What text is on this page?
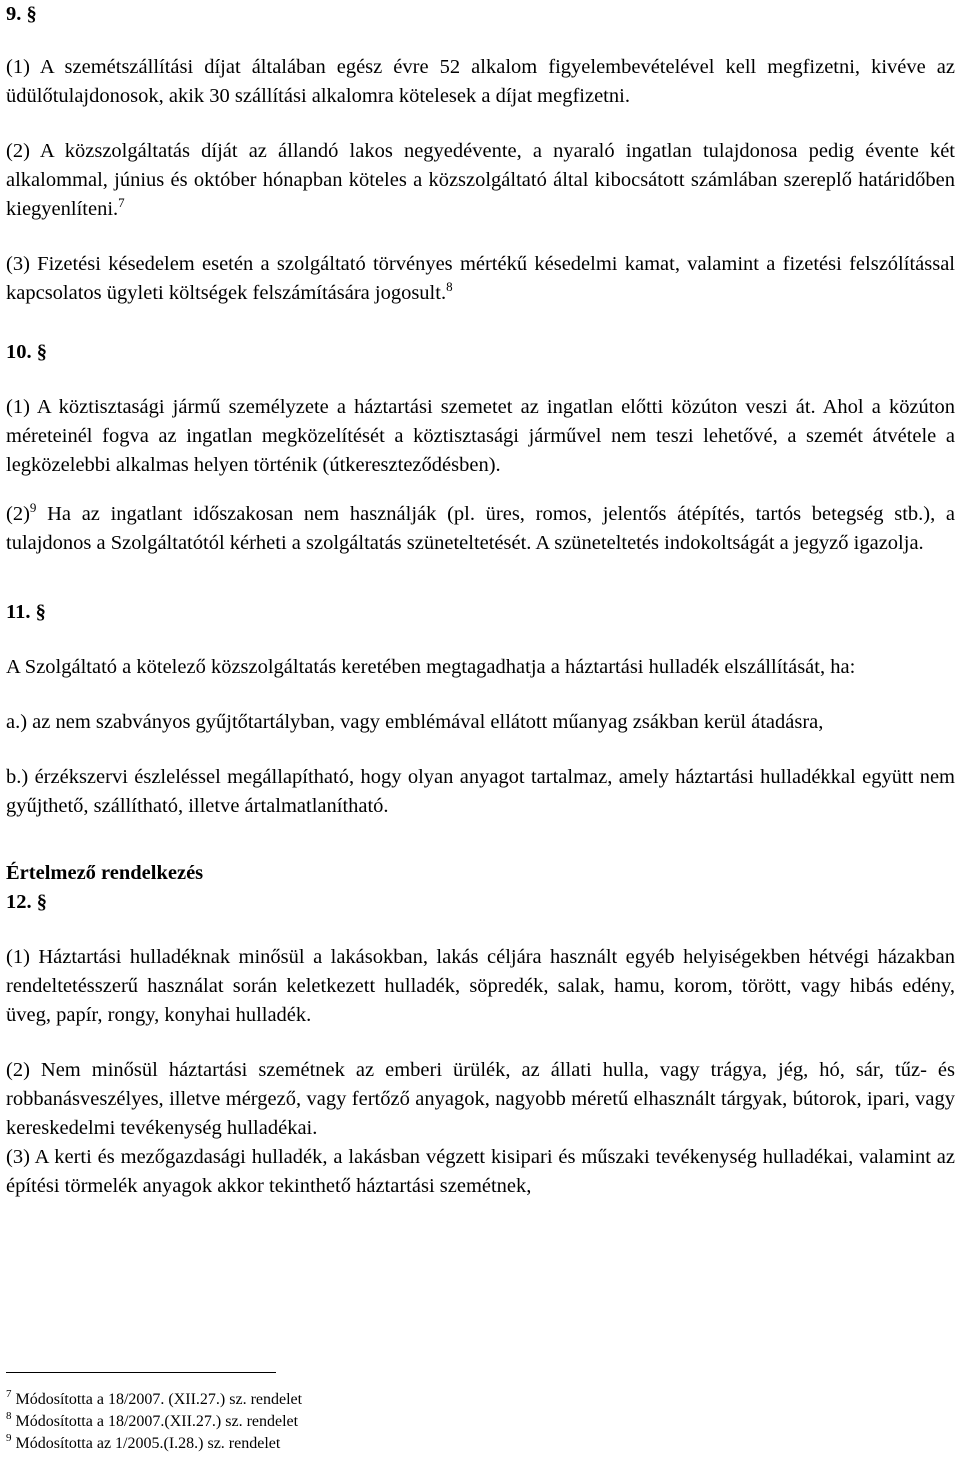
9. §

(1) A szemétszállítási díjat általában egész évre 52 alkalom figyelembevételével kell megfizetni, kivéve az üdülőtulajdonosok, akik 30 szállítási alkalomra kötelesek a díjat megfizetni.

(2) A közszolgáltatás díját az állandó lakos negyedévente, a nyaraló ingatlan tulajdonosa pedig évente két alkalommal, június és október hónapban köteles a közszolgáltató által kibocsátott számlában szereplő határidőben kiegyenlíteni.$^7$

(3) Fizetési késedelem esetén a szolgáltató törvényes mértékű késedelmi kamat, valamint a fizetési felszólítással kapcsolatos ügyleti költségek felszámítására jogosult.$^8$

10. §

(1) A köztisztasági jármű személyzete a háztartási szemetet az ingatlan előtti közúton veszi át. Ahol a közúton méreteinél fogva az ingatlan megközelítését a köztisztasági járművel nem teszi lehetővé, a szemét átvétele a legközelebbi alkalmas helyen történik (útkereszteződésben).

$(2)^9$ Ha az ingatlant időszakosan nem használják (pl. üres, romos, jelentős átépítés, tartós betegség stb.), a tulajdonos a Szolgáltatótól kérheti a szolgáltatás szüneteltetését. A szüneteltetés indokoltságát a jegyző igazolja.

11. §

A Szolgáltató a kötelező közszolgáltatás keretében megtagadhatja a háztartási hulladék elszállítását, ha:

a.) az nem szabványos gyűjtőtartályban, vagy emblémával ellátott műanyag zsákban kerül átadásra,

b.) érzékszervi észleléssel megállapítható, hogy olyan anyagot tartalmaz, amely háztartási hulladékkal együtt nem gyűjthető, szállítható, illetve ártalmatlanítható.

Értelmező rendelkezés

12. §

(1) Háztartási hulladéknak minősül a lakásokban, lakás céljára használt egyéb helyiségekben hétvégi házakban rendeltetésszerű használat során keletkezett hulladék, söpredék, salak, hamu, korom, törött, vagy hibás edény, üveg, papír, rongy, konyhai hulladék.

(2) Nem minősül háztartási szemétnek az emberi ürülék, az állati hulla, vagy trágya, jég, hó, sár, tűz- és robbanásveszélyes, illetve mérgező, vagy fertőző anyagok, nagyobb méretű elhasznált tárgyak, bútorok, ipari, vagy kereskedelmi tevékenység hulladékai.

(3) A kerti és mezőgazdasági hulladék, a lakásban végzett kisipari és műszaki tevékenység hulladékai, valamint az építési törmelék anyagok akkor tekinthető háztartási szemétnek,

$^7$ Módosította a 18/2007. (XII.27.) sz. rendelet
$^8$ Módosította a 18/2007.(XII.27.) sz. rendelet
$^9$ Módosította az 1/2005.(I.28.) sz. rendelet
